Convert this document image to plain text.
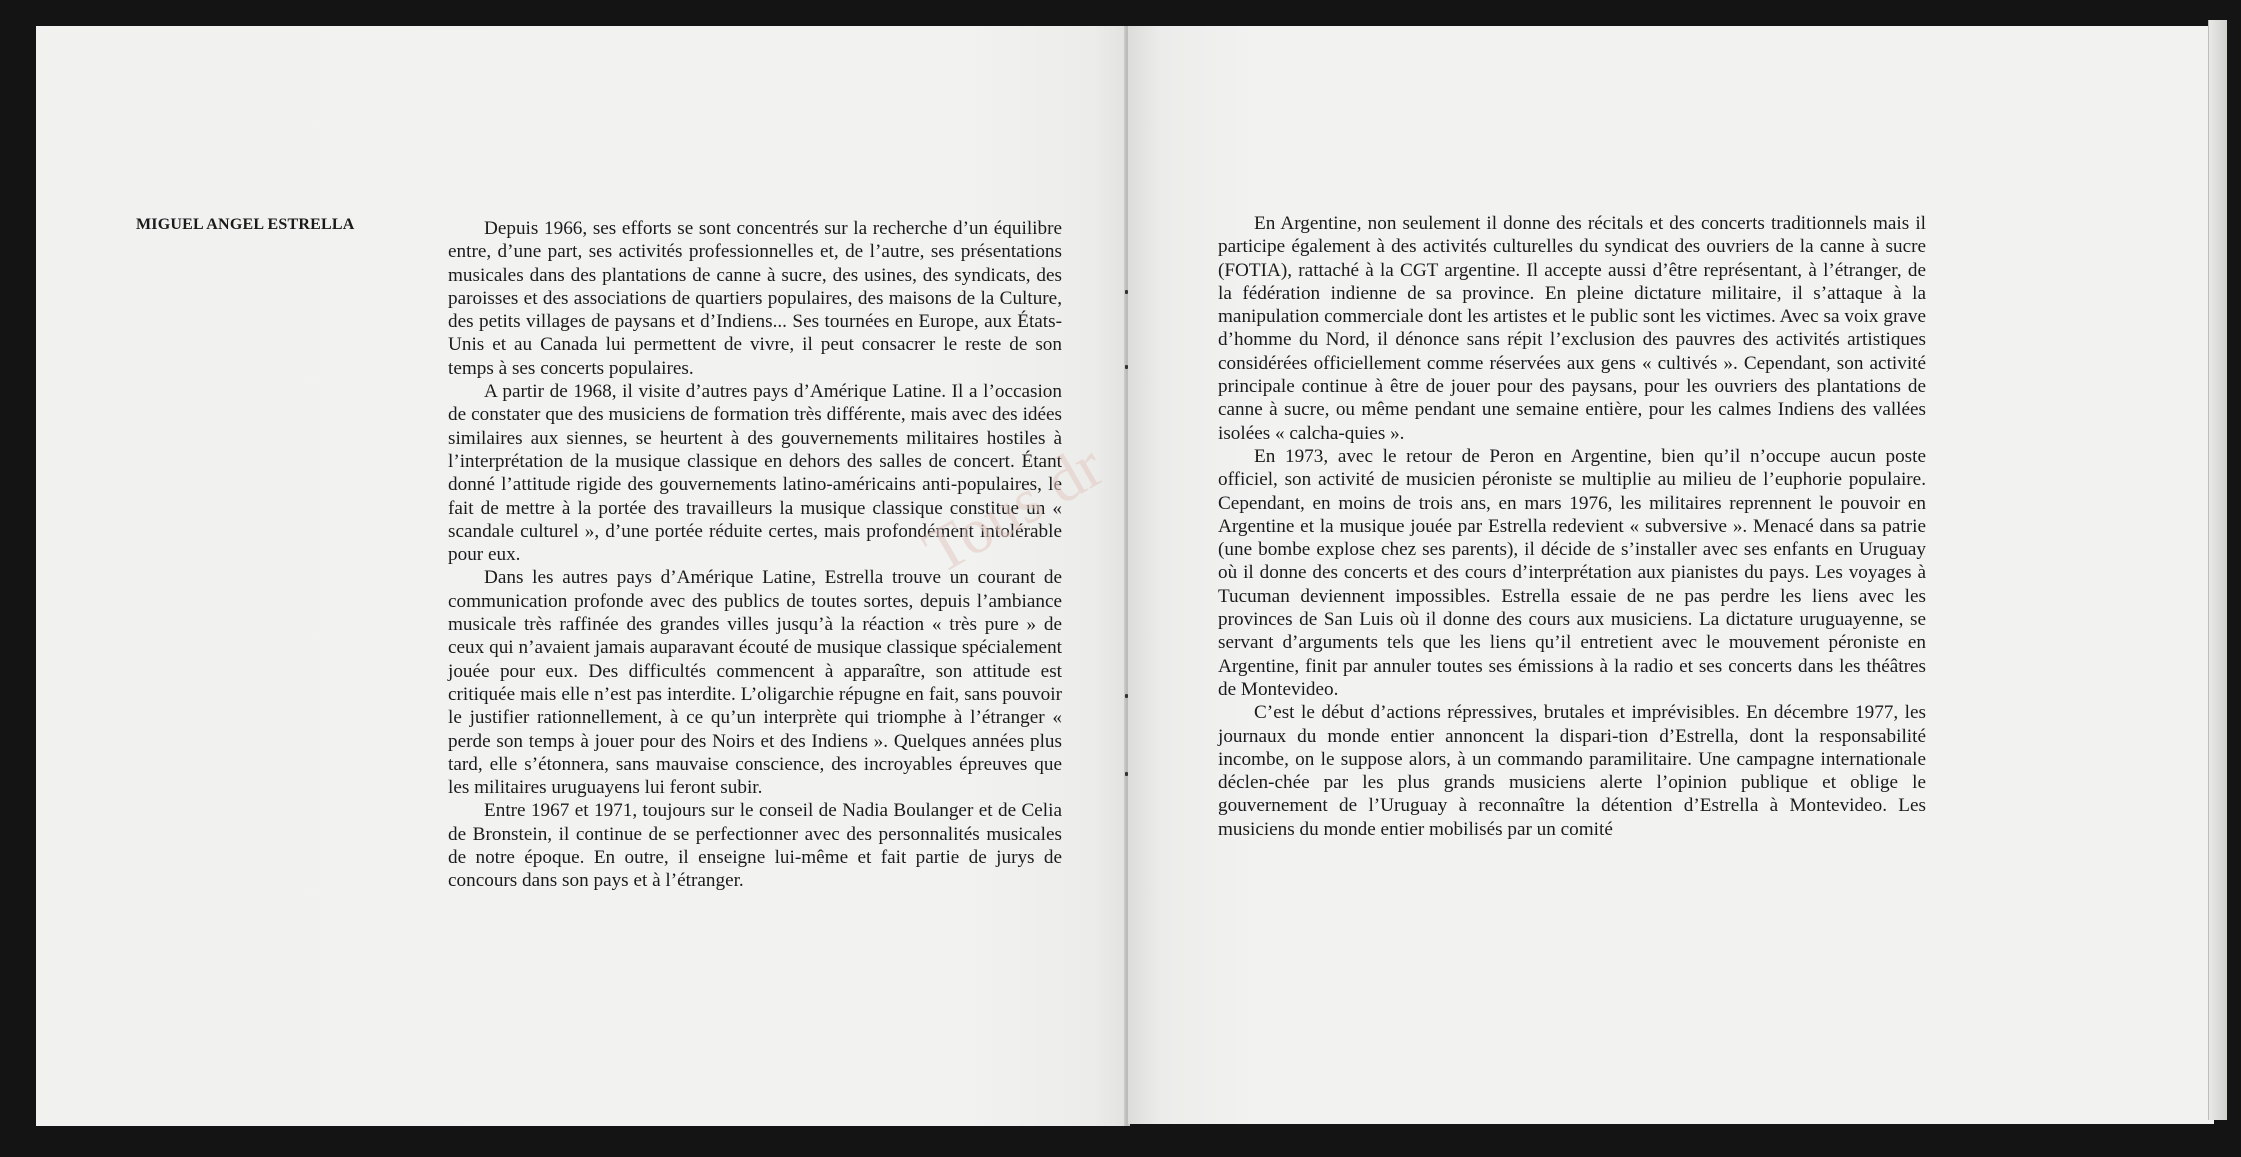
MIGUEL ANGEL ESTRELLA	Depuis 1966, ses efforts se sont concentrés sur la recherche d’un équilibre entre, d’une part, ses activités professionnelles et, de l’autre, ses présentations musicales dans des plantations de canne à sucre, des usines, des syndicats, des paroisses et des associations de quartiers populaires, des maisons de la Culture, des petits villages de paysans et d’Indiens... Ses tournées en Europe, aux États-Unis et au Canada lui permettent de vivre, il peut consacrer le reste de son temps à ses concerts populaires.

A partir de 1968, il visite d’autres pays d’Amérique Latine. Il a l’occasion de constater que des musiciens de formation très différente, mais avec des idées similaires aux siennes, se heurtent à des gouvernements militaires hostiles à l’interprétation de la musique classique en dehors des salles de concert. Étant donné l’attitude rigide des gouvernements latino-américains anti-populaires, le fait de mettre à la portée des travailleurs la musique classique constitue un « scandale culturel », d’une portée réduite certes, mais profondément intolérable pour eux.

Dans les autres pays d’Amérique Latine, Estrella trouve un courant de communication profonde avec des publics de toutes sortes, depuis l’ambiance musicale très raffinée des grandes villes jusqu’à la réaction « très pure » de ceux qui n’avaient jamais auparavant écouté de musique classique spécialement jouée pour eux. Des difficultés commencent à apparaître, son attitude est critiquée mais elle n’est pas interdite. L’oligarchie répugne en fait, sans pouvoir le justifier rationnellement, à ce qu’un interprète qui triomphe à l’étranger « perde son temps à jouer pour des Noirs et des Indiens ». Quelques années plus tard, elle s’étonnera, sans mauvaise conscience, des incroyables épreuves que les militaires uruguayens lui feront subir.

Entre 1967 et 1971, toujours sur le conseil de Nadia Boulanger et de Celia de Bronstein, il continue de se perfectionner avec des personnalités musicales de notre époque. En outre, il enseigne lui-même et fait partie de jurys de concours dans son pays et à l’étranger.

En Argentine, non seulement il donne des récitals et des concerts traditionnels mais il participe également à des activités culturelles du syndicat des ouvriers de la canne à sucre (FOTIA), rattaché à la CGT argentine. Il accepte aussi d’être représentant, à l’étranger, de la fédération indienne de sa province. En pleine dictature militaire, il s’attaque à la manipulation commerciale dont les artistes et le public sont les victimes. Avec sa voix grave d’homme du Nord, il dénonce sans répit l’exclusion des pauvres des activités artistiques considérées officiellement comme réservées aux gens « cultivés ». Cependant, son activité principale continue à être de jouer pour des paysans, pour les ouvriers des plantations de canne à sucre, ou même pendant une semaine entière, pour les calmes Indiens des vallées isolées « calcha-quies ».

En 1973, avec le retour de Peron en Argentine, bien qu’il n’occupe aucun poste officiel, son activité de musicien péroniste se multiplie au milieu de l’euphorie populaire. Cependant, en moins de trois ans, en mars 1976, les militaires reprennent le pouvoir en Argentine et la musique jouée par Estrella redevient « subversive ». Menacé dans sa patrie (une bombe explose chez ses parents), il décide de s’installer avec ses enfants en Uruguay où il donne des concerts et des cours d’interprétation aux pianistes du pays. Les voyages à Tucuman deviennent impossibles. Estrella essaie de ne pas perdre les liens avec les provinces de San Luis où il donne des cours aux musiciens. La dictature uruguayenne, se servant d’arguments tels que les liens qu’il entretient avec le mouvement péroniste en Argentine, finit par annuler toutes ses émissions à la radio et ses concerts dans les théâtres de Montevideo.

C’est le début d’actions répressives, brutales et imprévisibles. En décembre 1977, les journaux du monde entier annoncent la dispari-tion d’Estrella, dont la responsabilité incombe, on le suppose alors, à un commando paramilitaire. Une campagne internationale déclen-chée par les plus grands musiciens alerte l’opinion publique et oblige le gouvernement de l’Uruguay à reconnaître la détention d’Estrella à Montevideo. Les musiciens du monde entier mobilisés par un comité

Tous dr
